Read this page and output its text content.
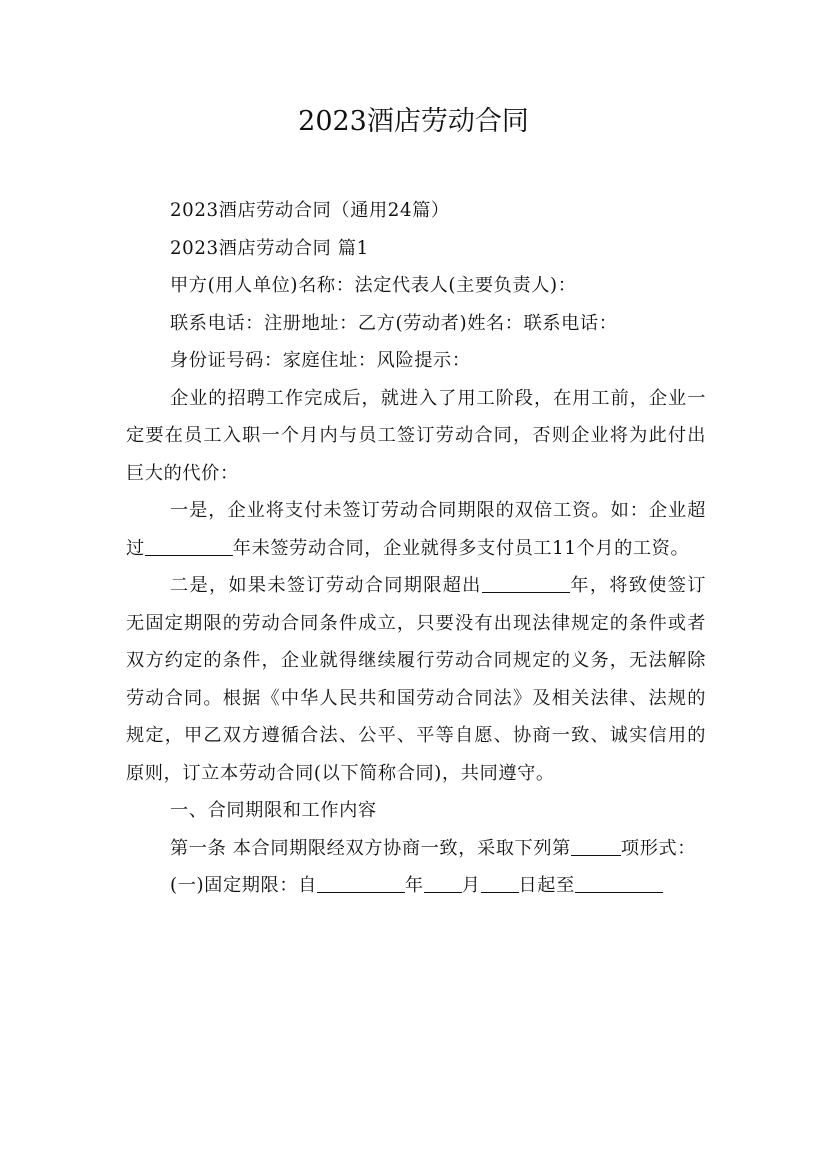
2023酒店劳动合同

2023酒店劳动合同（通用24篇）

2023酒店劳动合同 篇1

甲方(用人单位)名称：法定代表人(主要负责人)：

联系电话：注册地址：乙方(劳动者)姓名：联系电话：

身份证号码：家庭住址：风险提示：

企业的招聘工作完成后，就进入了用工阶段，在用工前，企业一定要在员工入职一个月内与员工签订劳动合同，否则企业将为此付出巨大的代价：

一是，企业将支付未签订劳动合同期限的双倍工资。如：企业超过	年未签劳动合同，企业就得多支付员工11个月的工资。

二是，如果未签订劳动合同期限超出	年，将致使签订无固定期限的劳动合同条件成立，只要没有出现法律规定的条件或者双方约定的条件，企业就得继续履行劳动合同规定的义务，无法解除劳动合同。根据《中华人民共和国劳动合同法》及相关法律、法规的规定，甲乙双方遵循合法、公平、平等自愿、协商一致、诚实信用的原则，订立本劳动合同(以下简称合同)，共同遵守。

一、合同期限和工作内容

第一条 本合同期限经双方协商一致，采取下列第	项形式：

(一)固定期限：自	年 月 日起至
